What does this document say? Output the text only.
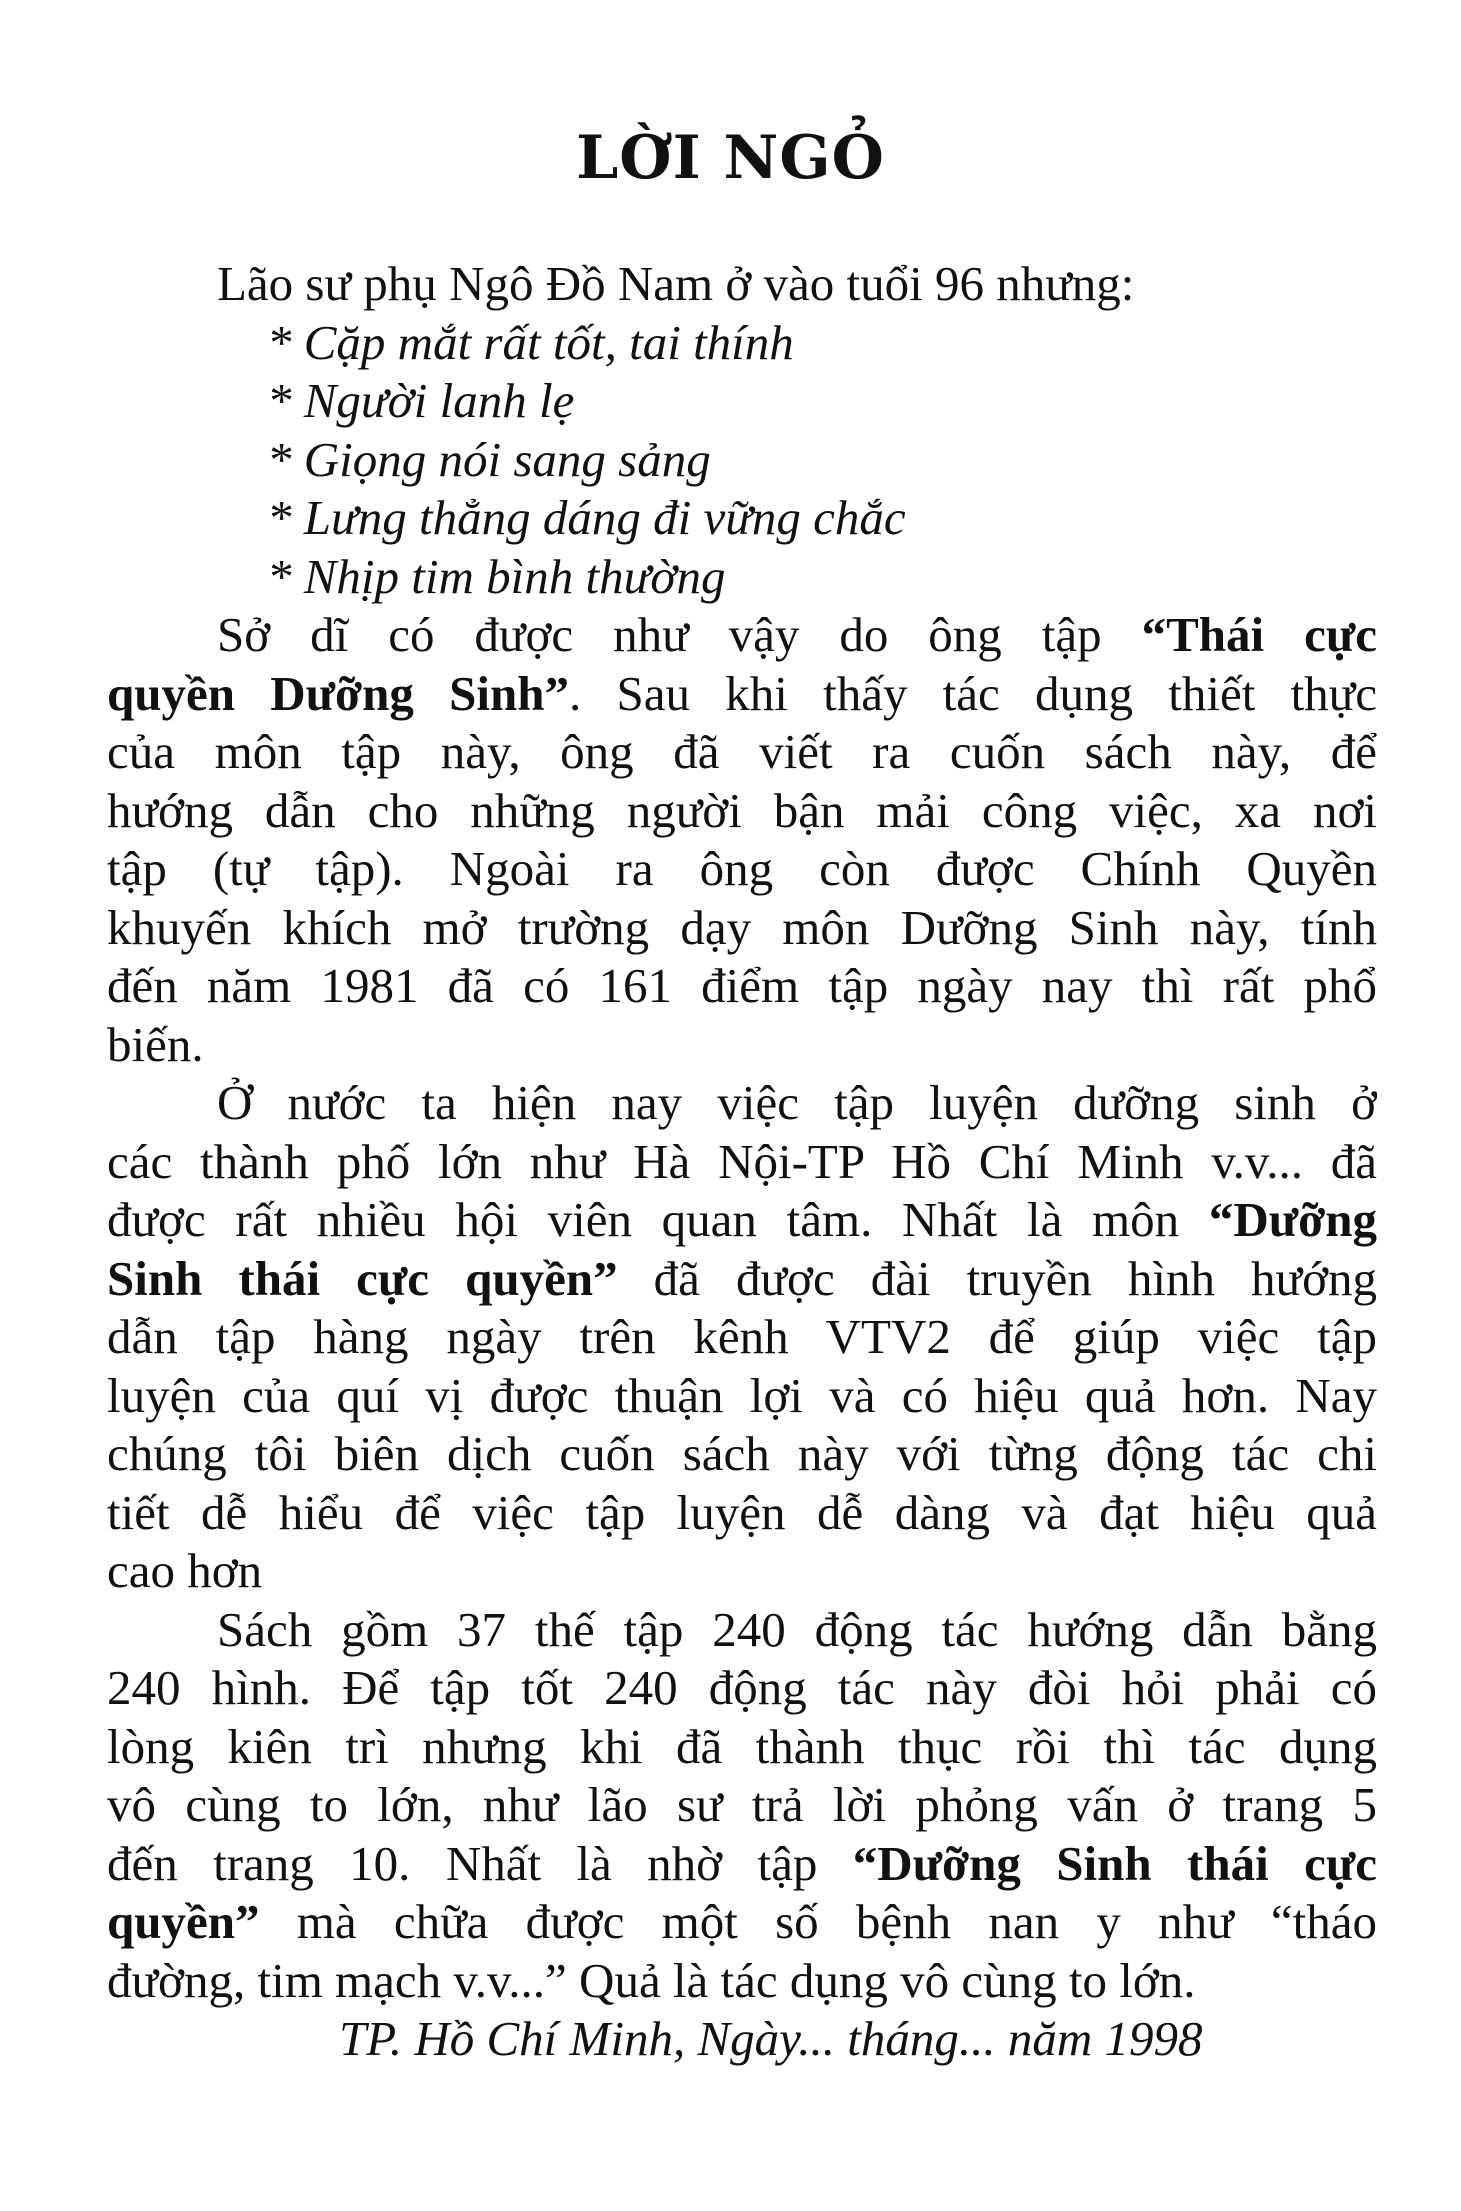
LỜI NGỎ
Lão sư phụ Ngô Đồ Nam ở vào tuổi 96 nhưng:
* Cặp mắt rất tốt, tai thính
* Người lanh lẹ
* Giọng nói sang sảng
* Lưng thẳng dáng đi vững chắc
* Nhịp tim bình thường
Sở dĩ có được như vậy do ông tập “Thái cực
quyền Dưỡng Sinh”. Sau khi thấy tác dụng thiết thực
của môn tập này, ông đã viết ra cuốn sách này, để
hướng dẫn cho những người bận mải công việc, xa nơi
tập (tự tập). Ngoài ra ông còn được Chính Quyền
khuyến khích mở trường dạy môn Dưỡng Sinh này, tính
đến năm 1981 đã có 161 điểm tập ngày nay thì rất phổ
biến.
Ở nước ta hiện nay việc tập luyện dưỡng sinh ở
các thành phố lớn như Hà Nội-TP Hồ Chí Minh v.v... đã
được rất nhiều hội viên quan tâm. Nhất là môn “Dưỡng
Sinh thái cực quyền” đã được đài truyền hình hướng
dẫn tập hàng ngày trên kênh VTV2 để giúp việc tập
luyện của quí vị được thuận lợi và có hiệu quả hơn. Nay
chúng tôi biên dịch cuốn sách này với từng động tác chi
tiết dễ hiểu để việc tập luyện dễ dàng và đạt hiệu quả
cao hơn
Sách gồm 37 thế tập 240 động tác hướng dẫn bằng
240 hình. Để tập tốt 240 động tác này đòi hỏi phải có
lòng kiên trì nhưng khi đã thành thục rồi thì tác dụng
vô cùng to lớn, như lão sư trả lời phỏng vấn ở trang 5
đến trang 10. Nhất là nhờ tập “Dưỡng Sinh thái cực
quyền” mà chữa được một số bệnh nan y như “tháo
đường, tim mạch v.v...” Quả là tác dụng vô cùng to lớn.
TP. Hồ Chí Minh, Ngày... tháng... năm 1998
